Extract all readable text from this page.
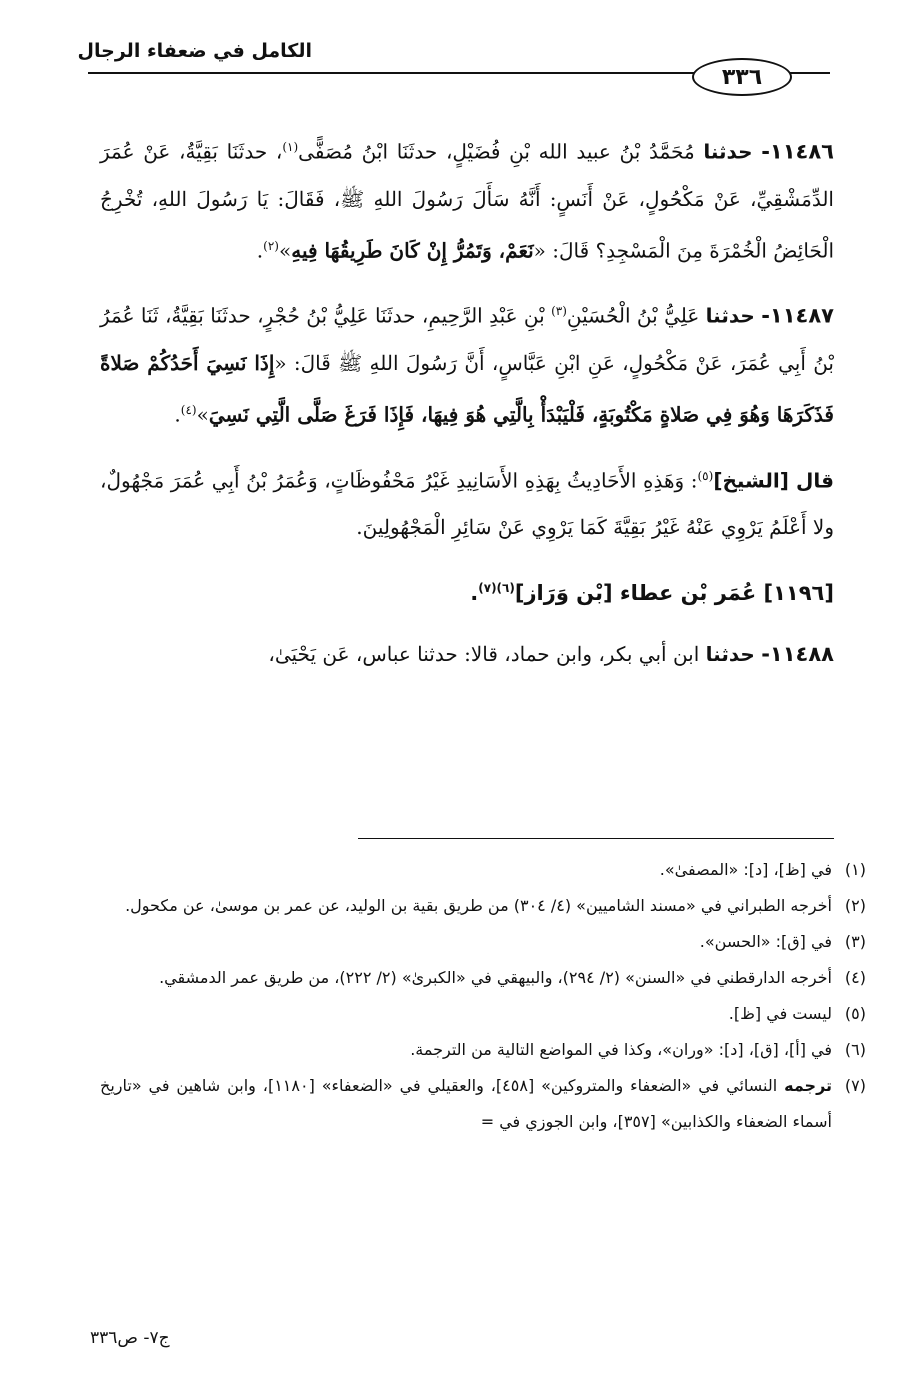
الكامل في ضعفاء الرجال
٣٣٦

١١٤٨٦- حدثنا مُحَمَّدُ بْنُ عبيد الله بْنِ فُضَيْلٍ، حدثَنَا ابْنُ مُصَفًّى$^{(١)}$، حدثَنَا بَقِيَّةُ، عَنْ عُمَرَ الدِّمَشْقِيِّ، عَنْ مَكْحُولٍ، عَنْ أَنَسٍ: أَنَّهُ سَأَلَ رَسُولَ اللهِ ﷺ، فَقَالَ: يَا رَسُولَ اللهِ، تُخْرِجُ الْحَائِضُ الْخُمْرَةَ مِنَ الْمَسْجِدِ؟ قَالَ: «نَعَمْ، وَتَمُرُّ إِنْ كَانَ طَرِيقُهَا فِيهِ»$^{(٢)}$.

١١٤٨٧- حدثنا عَلِيُّ بْنُ الْحُسَيْنِ$^{(٣)}$ بْنِ عَبْدِ الرَّحِيمِ، حدثَنَا عَلِيُّ بْنُ حُجْرٍ، حدثَنَا بَقِيَّةُ، ثَنَا عُمَرُ بْنُ أَبِي عُمَرَ، عَنْ مَكْحُولٍ، عَنِ ابْنِ عَبَّاسٍ، أَنَّ رَسُولَ اللهِ ﷺ قَالَ: «إِذَا نَسِيَ أَحَدُكُمْ صَلاةً فَذَكَرَهَا وَهُوَ فِي صَلاةٍ مَكْتُوبَةٍ، فَلْيَبْدَأْ بِالَّتِي هُوَ فِيهَا، فَإِذَا فَرَغَ صَلَّى الَّتِي نَسِيَ»$^{(٤)}$.

قال [الشيخ]$^{(٥)}$: وَهَذِهِ الأَحَادِيثُ بِهَذِهِ الأَسَانِيدِ غَيْرُ مَحْفُوظَاتٍ، وَعُمَرُ بْنُ أَبِي عُمَرَ مَجْهُولٌ، ولا أَعْلَمُ يَرْوِي عَنْهُ غَيْرُ بَقِيَّةَ كَمَا يَرْوِي عَنْ سَائِرِ الْمَجْهُولِينَ.

[١١٩٦] عُمَر بْن عطاء [بْن وَرَاز]$^{(٦)(٧)}$.

١١٤٨٨- حدثنا ابن أبي بكر، وابن حماد، قالا: حدثنا عباس، عَن يَحْيَىٰ،

(١)
في [ظ]، [د]: «المصفىٰ».
(٢)
أخرجه الطبراني في «مسند الشاميين» (٤/ ٣٠٤) من طريق بقية بن الوليد، عن عمر بن موسىٰ، عن مكحول.
(٣)
في [ق]: «الحسن».
(٤)
أخرجه الدارقطني في «السنن» (٢/ ٢٩٤)، والبيهقي في «الكبرىٰ» (٢/ ٢٢٢)، من طريق عمر الدمشقي.
(٥)
ليست في [ظ].
(٦)
في [أ]، [ق]، [د]: «وران»، وكذا في المواضع التالية من الترجمة.
(٧)
ترجمه النسائي في «الضعفاء والمتروكين» [٤٥٨]، والعقيلي في «الضعفاء» [١١٨٠]، وابن شاهين في «تاريخ أسماء الضعفاء والكذابين» [٣٥٧]، وابن الجوزي في =
ج٧- ص٣٣٦
